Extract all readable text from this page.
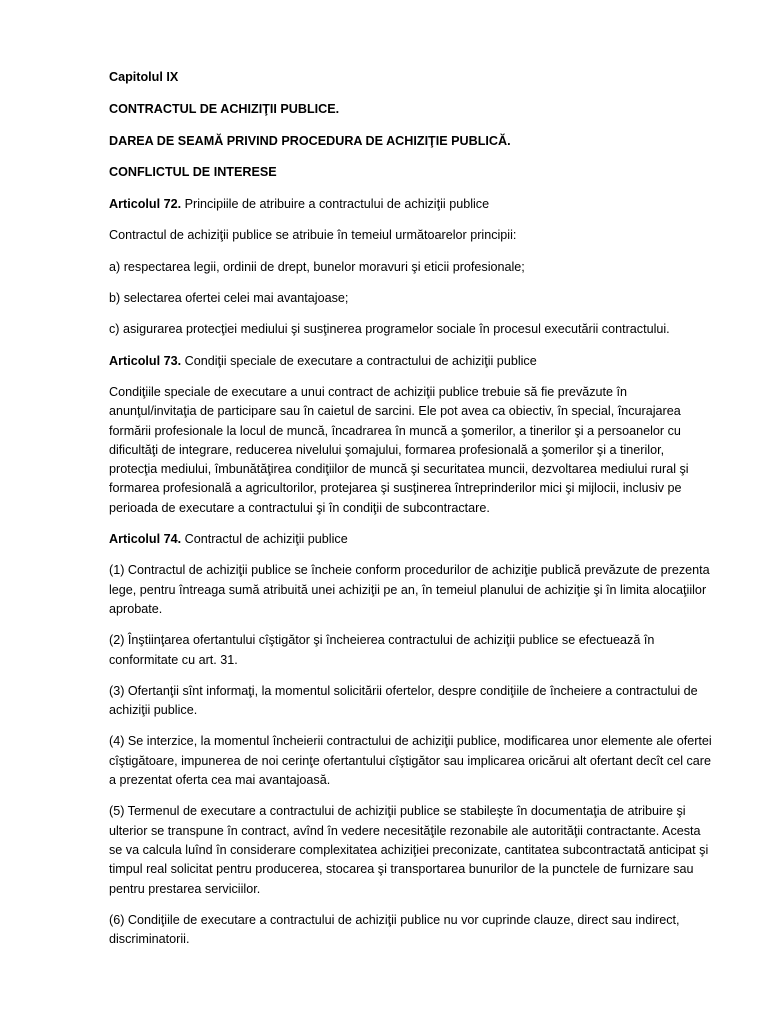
Capitolul IX

CONTRACTUL DE ACHIZIŢII PUBLICE.

DAREA DE SEAMĂ PRIVIND PROCEDURA DE ACHIZIŢIE PUBLICĂ.

CONFLICTUL DE INTERESE

Articolul 72. Principiile de atribuire a contractului de achiziţii publice

Contractul de achiziţii publice se atribuie în temeiul următoarelor principii:

a) respectarea legii, ordinii de drept, bunelor moravuri şi eticii profesionale;

b) selectarea ofertei celei mai avantajoase;

c) asigurarea protecţiei mediului şi susţinerea programelor sociale în procesul executării contractului.

Articolul 73. Condiţii speciale de executare a contractului de achiziţii publice

Condiţiile speciale de executare a unui contract de achiziţii publice trebuie să fie prevăzute în anunţul/invitaţia de participare sau în caietul de sarcini. Ele pot avea ca obiectiv, în special, încurajarea formării profesionale la locul de muncă, încadrarea în muncă a şomerilor, a tinerilor şi a persoanelor cu dificultăţi de integrare, reducerea nivelului şomajului, formarea profesională a şomerilor şi a tinerilor, protecţia mediului, îmbunătăţirea condiţiilor de muncă şi securitatea muncii, dezvoltarea mediului rural şi formarea profesională a agricultorilor, protejarea şi susţinerea întreprinderilor mici şi mijlocii, inclusiv pe perioada de executare a contractului şi în condiţii de subcontractare.

Articolul 74. Contractul de achiziţii publice

(1) Contractul de achiziţii publice se încheie conform procedurilor de achiziţie publică prevăzute de prezenta lege, pentru întreaga sumă atribuită unei achiziţii pe an, în temeiul planului de achiziţie şi în limita alocaţiilor aprobate.

(2) Înştiinţarea ofertantului cîştigător şi încheierea contractului de achiziţii publice se efectuează în conformitate cu art. 31.

(3) Ofertanţii sînt informaţi, la momentul solicitării ofertelor, despre condiţiile de încheiere a contractului de achiziţii publice.

(4) Se interzice, la momentul încheierii contractului de achiziţii publice, modificarea unor elemente ale ofertei cîştigătoare, impunerea de noi cerinţe ofertantului cîştigător sau implicarea oricărui alt ofertant decît cel care a prezentat oferta cea mai avantajoasă.

(5) Termenul de executare a contractului de achiziţii publice se stabileşte în documentaţia de atribuire şi ulterior se transpune în contract, avînd în vedere necesităţile rezonabile ale autorităţii contractante. Acesta se va calcula luînd în considerare complexitatea achiziţiei preconizate, cantitatea subcontractată anticipat şi timpul real solicitat pentru producerea, stocarea şi transportarea bunurilor de la punctele de furnizare sau pentru prestarea serviciilor.

(6) Condiţiile de executare a contractului de achiziţii publice nu vor cuprinde clauze, direct sau indirect, discriminatorii.
